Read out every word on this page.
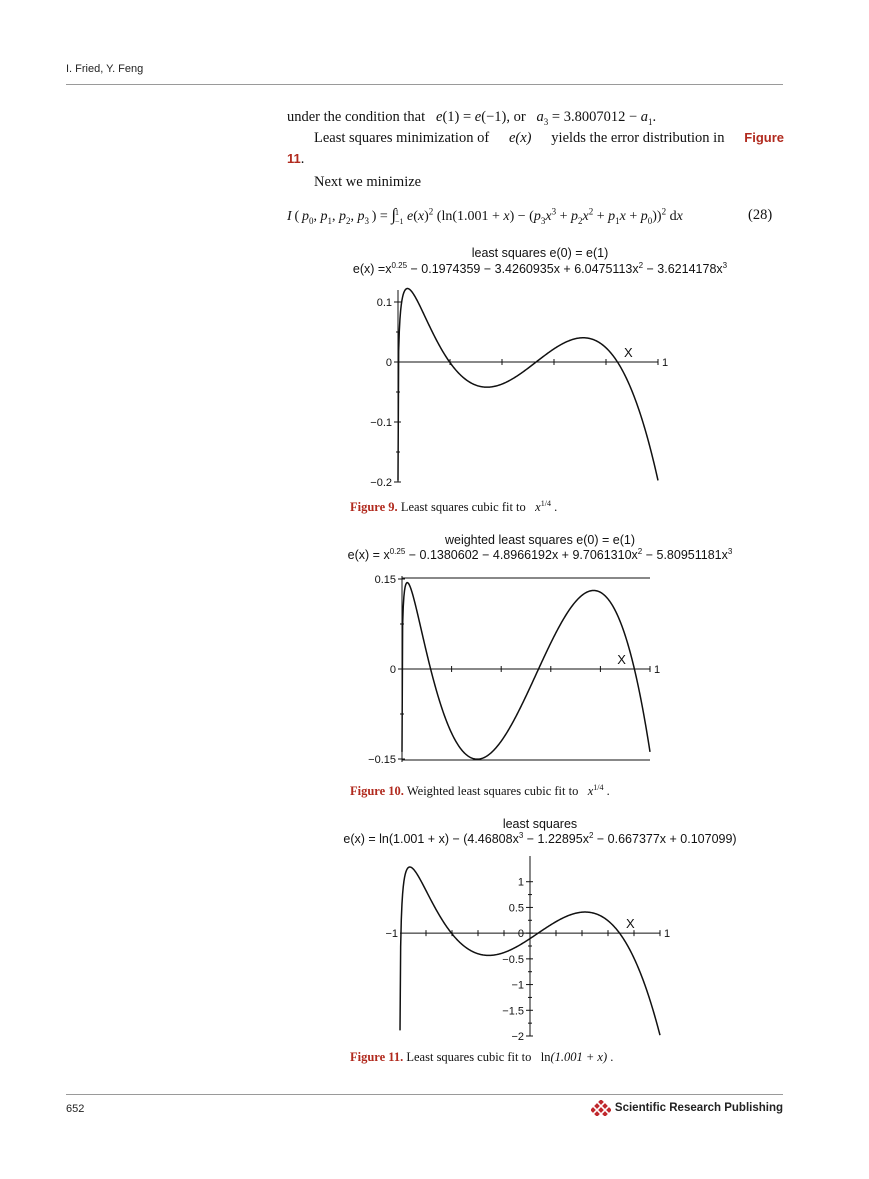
I. Fried, Y. Feng
under the condition that e(1) = e(−1), or $a_3 = 3.8007012 - a_1$.
Least squares minimization of e(x) yields the error distribution in Figure
11.
Next we minimize
I ( $p_0$, $p_1$, $p_2$, $p_3$ ) = ∫ 1
−1 $e(x)^2$ $(\ln(1.001 + x) - (p_3x^3 + p_2x^2 + p_1x + p_0))^2$ dx	(28)
least squares e(0) = e(1)
$e(x) =x^{0.25} - 0.1974359 - 3.4260935x + 6.0475113x^2 - 3.6214178x^3$
0.1
0
−0.1
−0.2
1
X
Figure 9. Least squares cubic fit to $x^{1/4}$ .
weighted least squares e(0) = e(1)
$e(x) = x^{0.25} - 0.1380602 - 4.8966192x + 9.7061310x^2 - 5.80951181x^3$
0.15
0
−0.15
1
X
Figure 10. Weighted least squares cubic fit to $x^{1/4}$ .
least squares
$e(x) = \ln(1.001 + x) - (4.46808x^3 - 1.22895x^2 - 0.667377x + 0.107099)$
1
0.5
0
−0.5
−1
−1.5
−2
1
−1
X
Figure 11. Least squares cubic fit to ln(1.001 + x) .
652	Scientific Research Publishing
